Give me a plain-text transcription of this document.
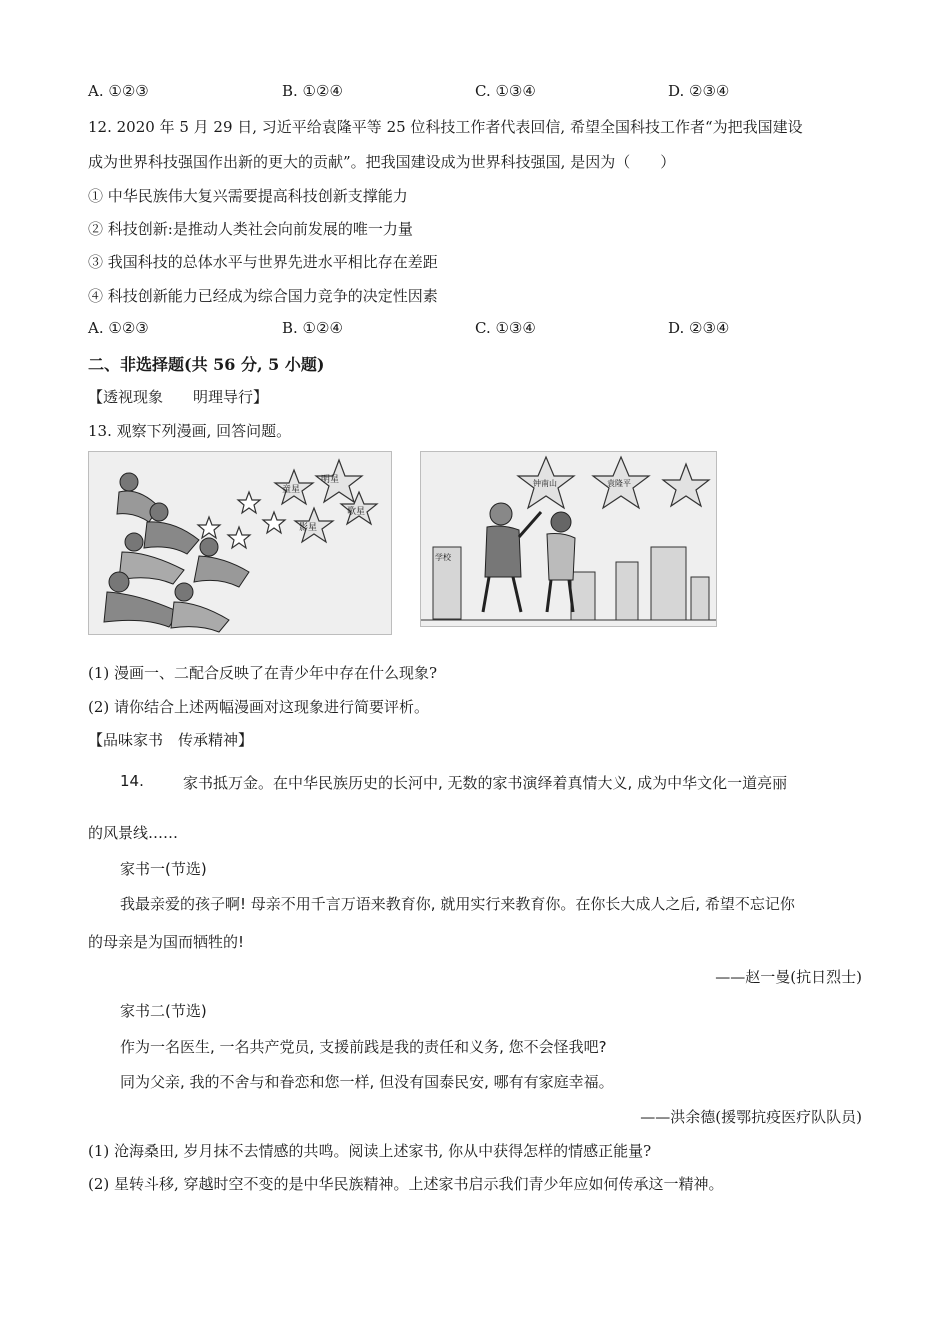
A. ①②③	B. ①②④	C. ①③④	D. ②③④
12. 2020 年 5 月 29 日, 习近平给袁隆平等 25 位科技工作者代表回信, 希望全国科技工作者“为把我国建设
成为世界科技强国作出新的更大的贡献”。把我国建设成为世界科技强国, 是因为（　　）
① 中华民族伟大复兴需要提高科技创新支撑能力
② 科技创新:是推动人类社会向前发展的唯一力量
③ 我国科技的总体水平与世界先进水平相比存在差距
④ 科技创新能力已经成为综合国力竞争的决定性因素
A. ①②③	B. ①②④	C. ①③④	D. ②③④
二、非选择题(共 56 分, 5 小题)
【透视现象　　明理导行】
13. 观察下列漫画, 回答问题。
明星
歌星
影星
童星
钟南山	袁隆平
学校
(1) 漫画一、二配合反映了在青少年中存在什么现象?
(2) 请你结合上述两幅漫画对这现象进行简要评析。
【品味家书　传承精神】
14.	家书抵万金。在中华民族历史的长河中, 无数的家书演绎着真情大义, 成为中华文化一道亮丽
的风景线……
家书一(节选)
我最亲爱的孩子啊! 母亲不用千言万语来教育你, 就用实行来教育你。在你长大成人之后, 希望不忘记你
的母亲是为国而牺牲的!
——赵一曼(抗日烈士)
家书二(节选)
作为一名医生, 一名共产党员, 支援前践是我的责任和义务, 您不会怪我吧?
同为父亲, 我的不舍与和眷恋和您一样, 但没有国泰民安, 哪有有家庭幸福。
——洪余德(援鄂抗疫医疗队队员)
(1) 沧海桑田, 岁月抹不去情感的共鸣。阅读上述家书, 你从中获得怎样的情感正能量?
(2) 星转斗移, 穿越时空不变的是中华民族精神。上述家书启示我们青少年应如何传承这一精神。
